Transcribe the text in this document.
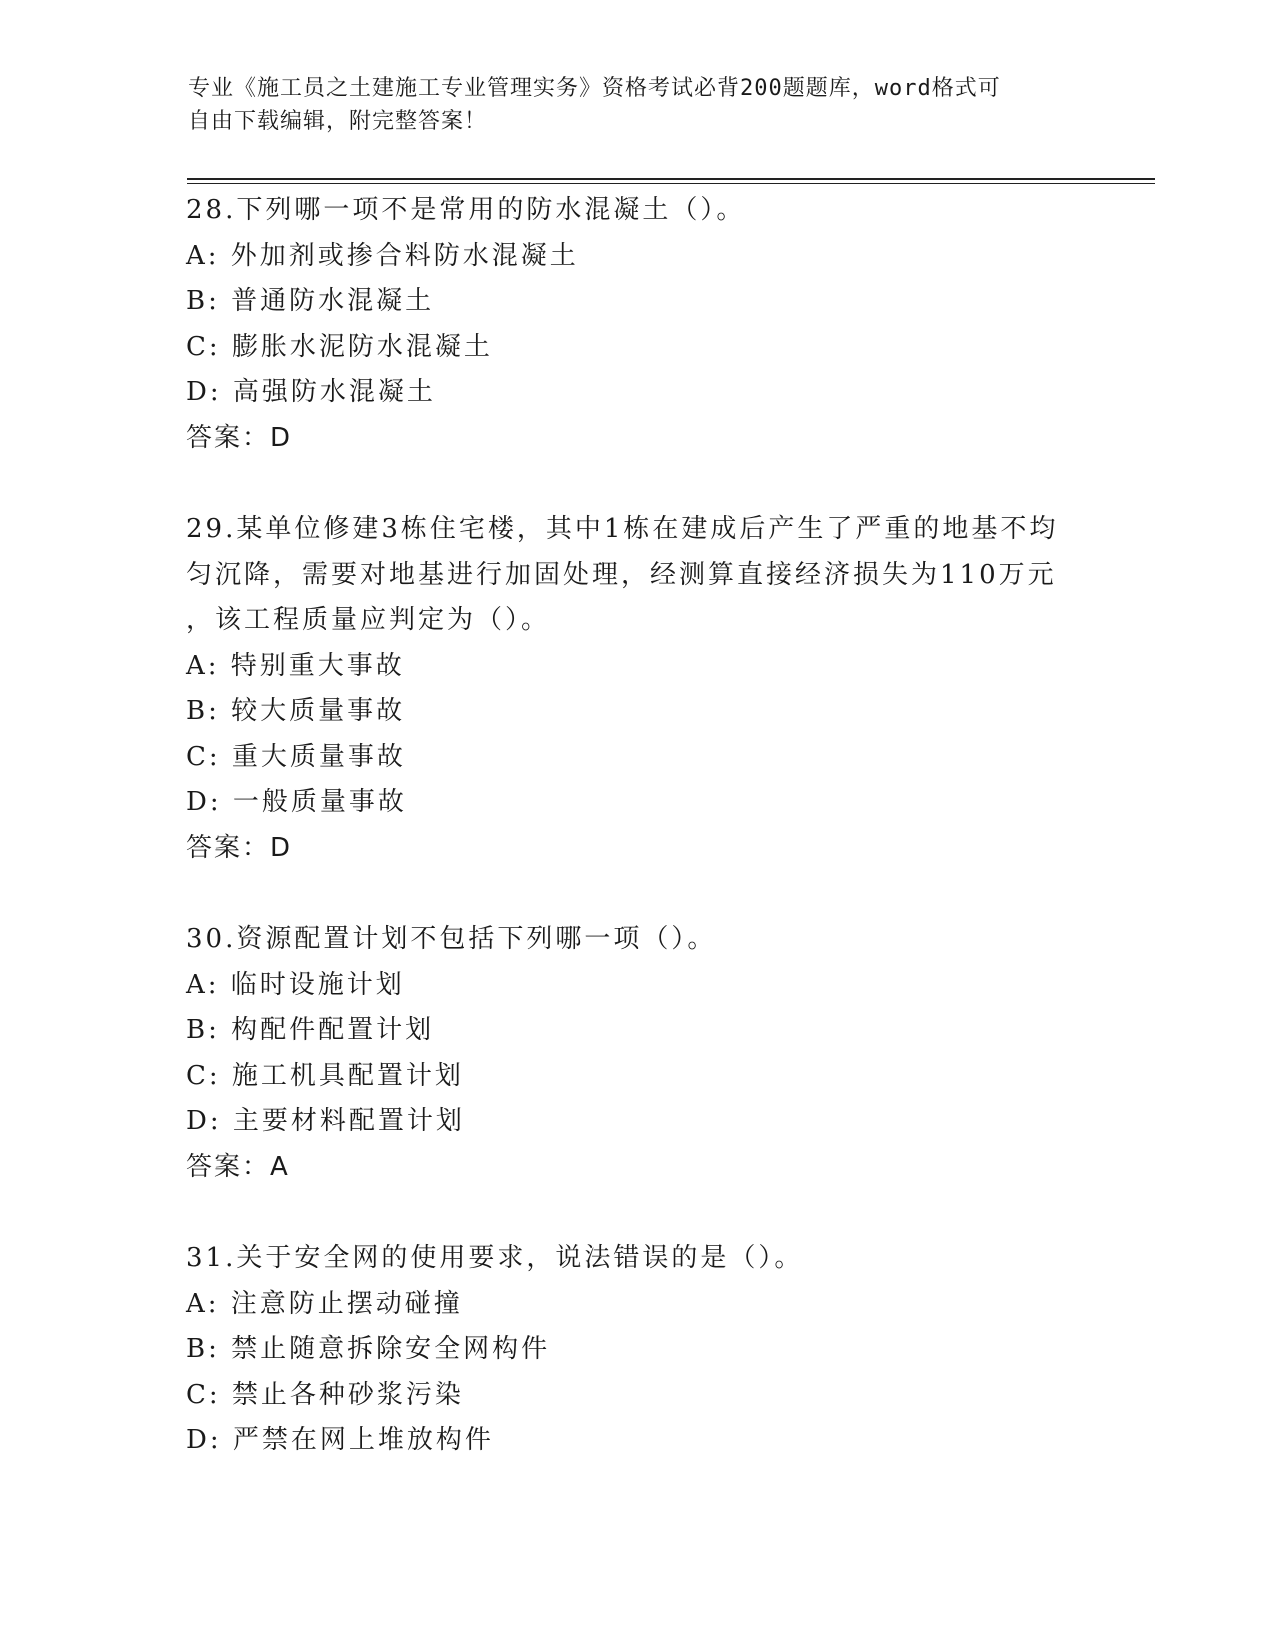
专业《施工员之土建施工专业管理实务》资格考试必背200题题库，word格式可
自由下载编辑，附完整答案！
28.下列哪一项不是常用的防水混凝土（）。
A: 外加剂或掺合料防水混凝土
B: 普通防水混凝土
C: 膨胀水泥防水混凝土
D: 高强防水混凝土
答案：D
29.某单位修建3栋住宅楼，其中1栋在建成后产生了严重的地基不均
匀沉降，需要对地基进行加固处理，经测算直接经济损失为110万元
，该工程质量应判定为（）。
A: 特别重大事故
B: 较大质量事故
C: 重大质量事故
D: 一般质量事故
答案：D
30.资源配置计划不包括下列哪一项（）。
A: 临时设施计划
B: 构配件配置计划
C: 施工机具配置计划
D: 主要材料配置计划
答案：A
31.关于安全网的使用要求，说法错误的是（）。
A: 注意防止摆动碰撞
B: 禁止随意拆除安全网构件
C: 禁止各种砂浆污染
D: 严禁在网上堆放构件
